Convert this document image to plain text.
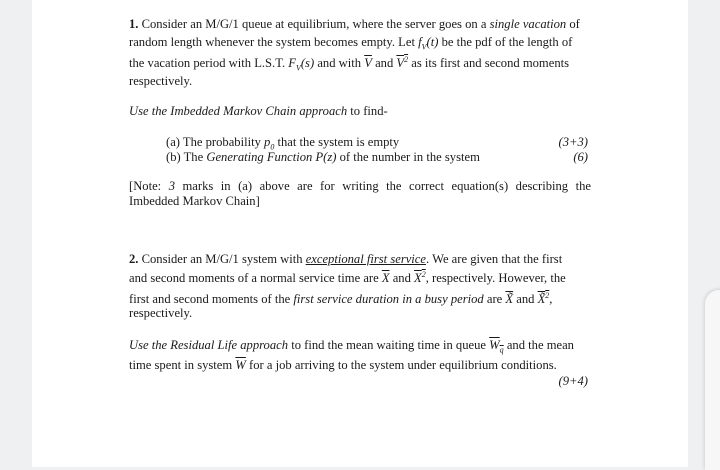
1. Consider an M/G/1 queue at equilibrium, where the server goes on a single vacation of
random length whenever the system becomes empty. Let $f_V(t)$ be the pdf of the length of
the vacation period with L.S.T. $F_V(s)$ and with $\overline{V}$ and $V^2$ as its first and second moments
respectively.
Use the Imbedded Markov Chain approach to find-
(a) The probability $p_0$ that the system is empty	(3+3)
(b) The Generating Function P(z) of the number in the system	(6)
[Note: 3 marks in (a) above are for writing the correct equation(s) describing the
Imbedded Markov Chain]
2. Consider an M/G/1 system with exceptional first service. We are given that the first
and second moments of a normal service time are $\overline{X}$ and $X^2$, respectively. However, the
first and second moments of the first service duration in a busy period are X̃ and X̃$^2$,
respectively.
Use the Residual Life approach to find the mean waiting time in queue $W_q$ and the mean
time spent in system $\overline{W}$ for a job arriving to the system under equilibrium conditions.
(9+4)
